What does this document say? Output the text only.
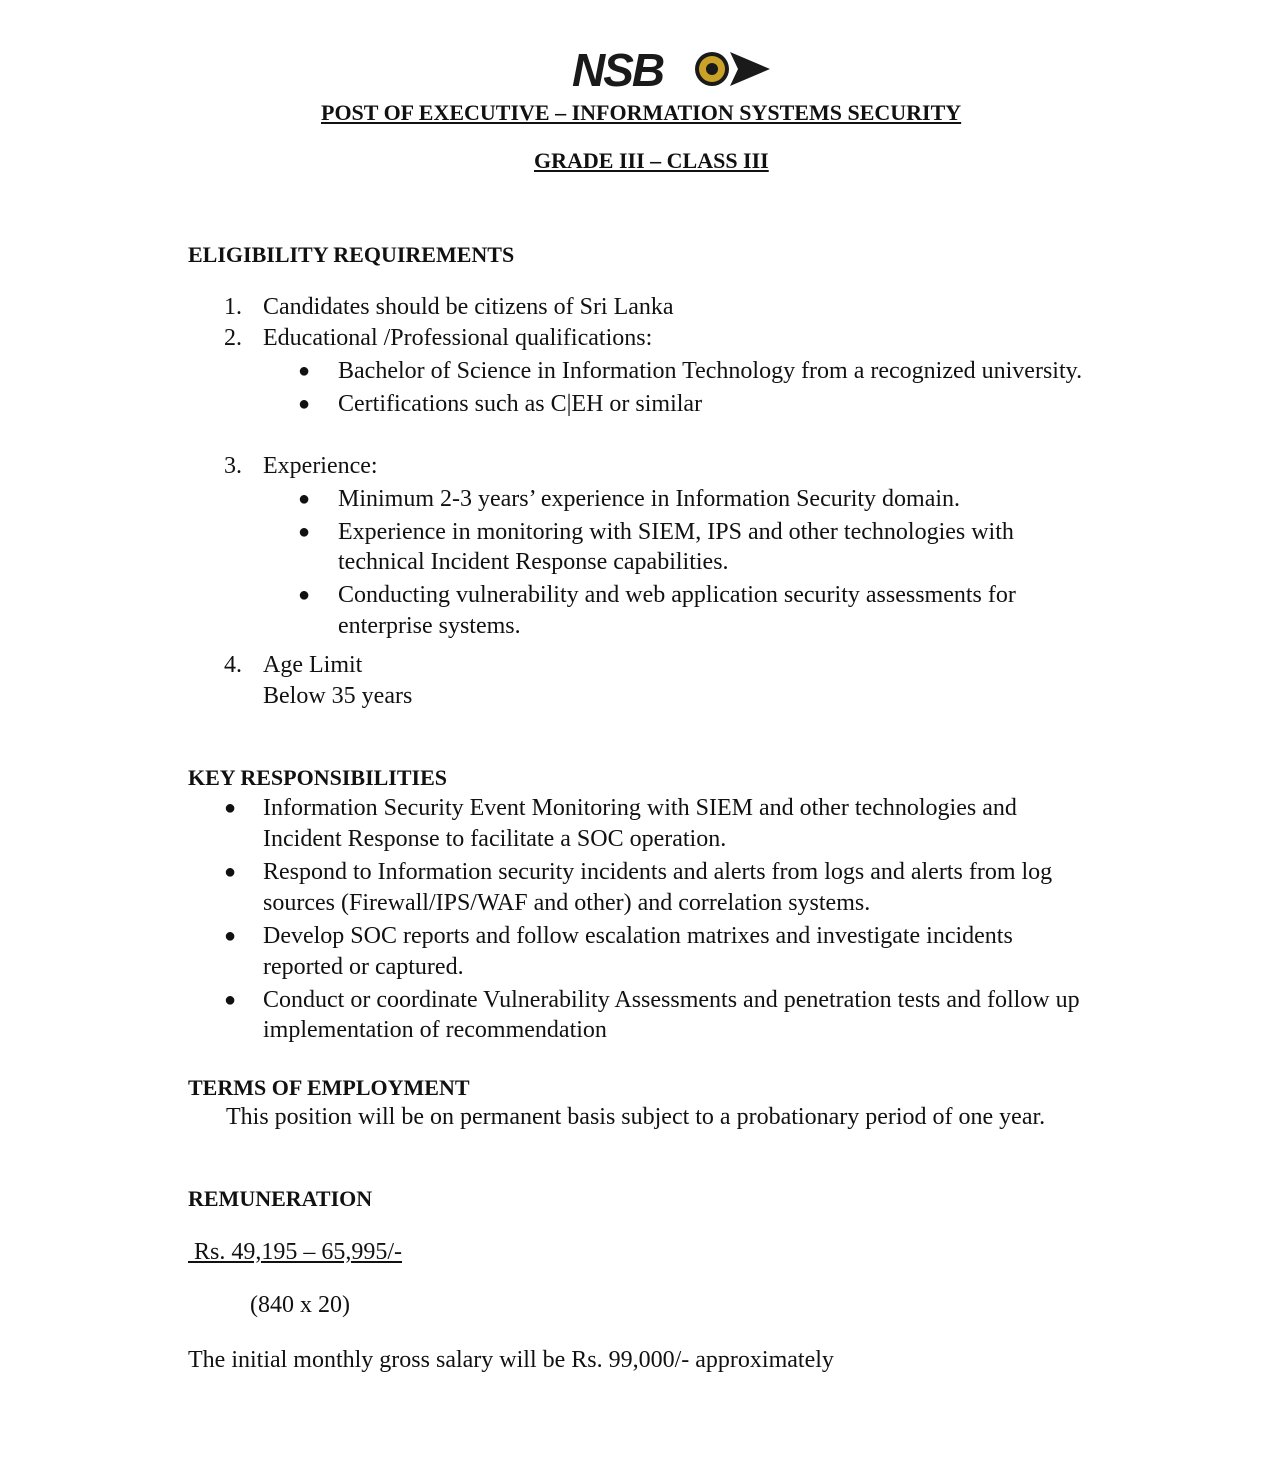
NSB
POST OF EXECUTIVE – INFORMATION SYSTEMS SECURITY
GRADE III – CLASS III
ELIGIBILITY REQUIREMENTS
1. Candidates should be citizens of Sri Lanka
2. Educational /Professional qualifications:
● Bachelor of Science in Information Technology from a recognized university.
● Certifications such as C|EH or similar
3. Experience:
● Minimum 2-3 years’ experience in Information Security domain.
● Experience in monitoring with SIEM, IPS and other technologies with
technical Incident Response capabilities.
● Conducting vulnerability and web application security assessments for
enterprise systems.
4. Age Limit
Below 35 years
KEY RESPONSIBILITIES
● Information Security Event Monitoring with SIEM and other technologies and
Incident Response to facilitate a SOC operation.
● Respond to Information security incidents and alerts from logs and alerts from log
sources (Firewall/IPS/WAF and other) and correlation systems.
● Develop SOC reports and follow escalation matrixes and investigate incidents
reported or captured.
● Conduct or coordinate Vulnerability Assessments and penetration tests and follow up
implementation of recommendation
TERMS OF EMPLOYMENT
This position will be on permanent basis subject to a probationary period of one year.
REMUNERATION
Rs. 49,195 – 65,995/-
(840 x 20)
The initial monthly gross salary will be Rs. 99,000/- approximately
